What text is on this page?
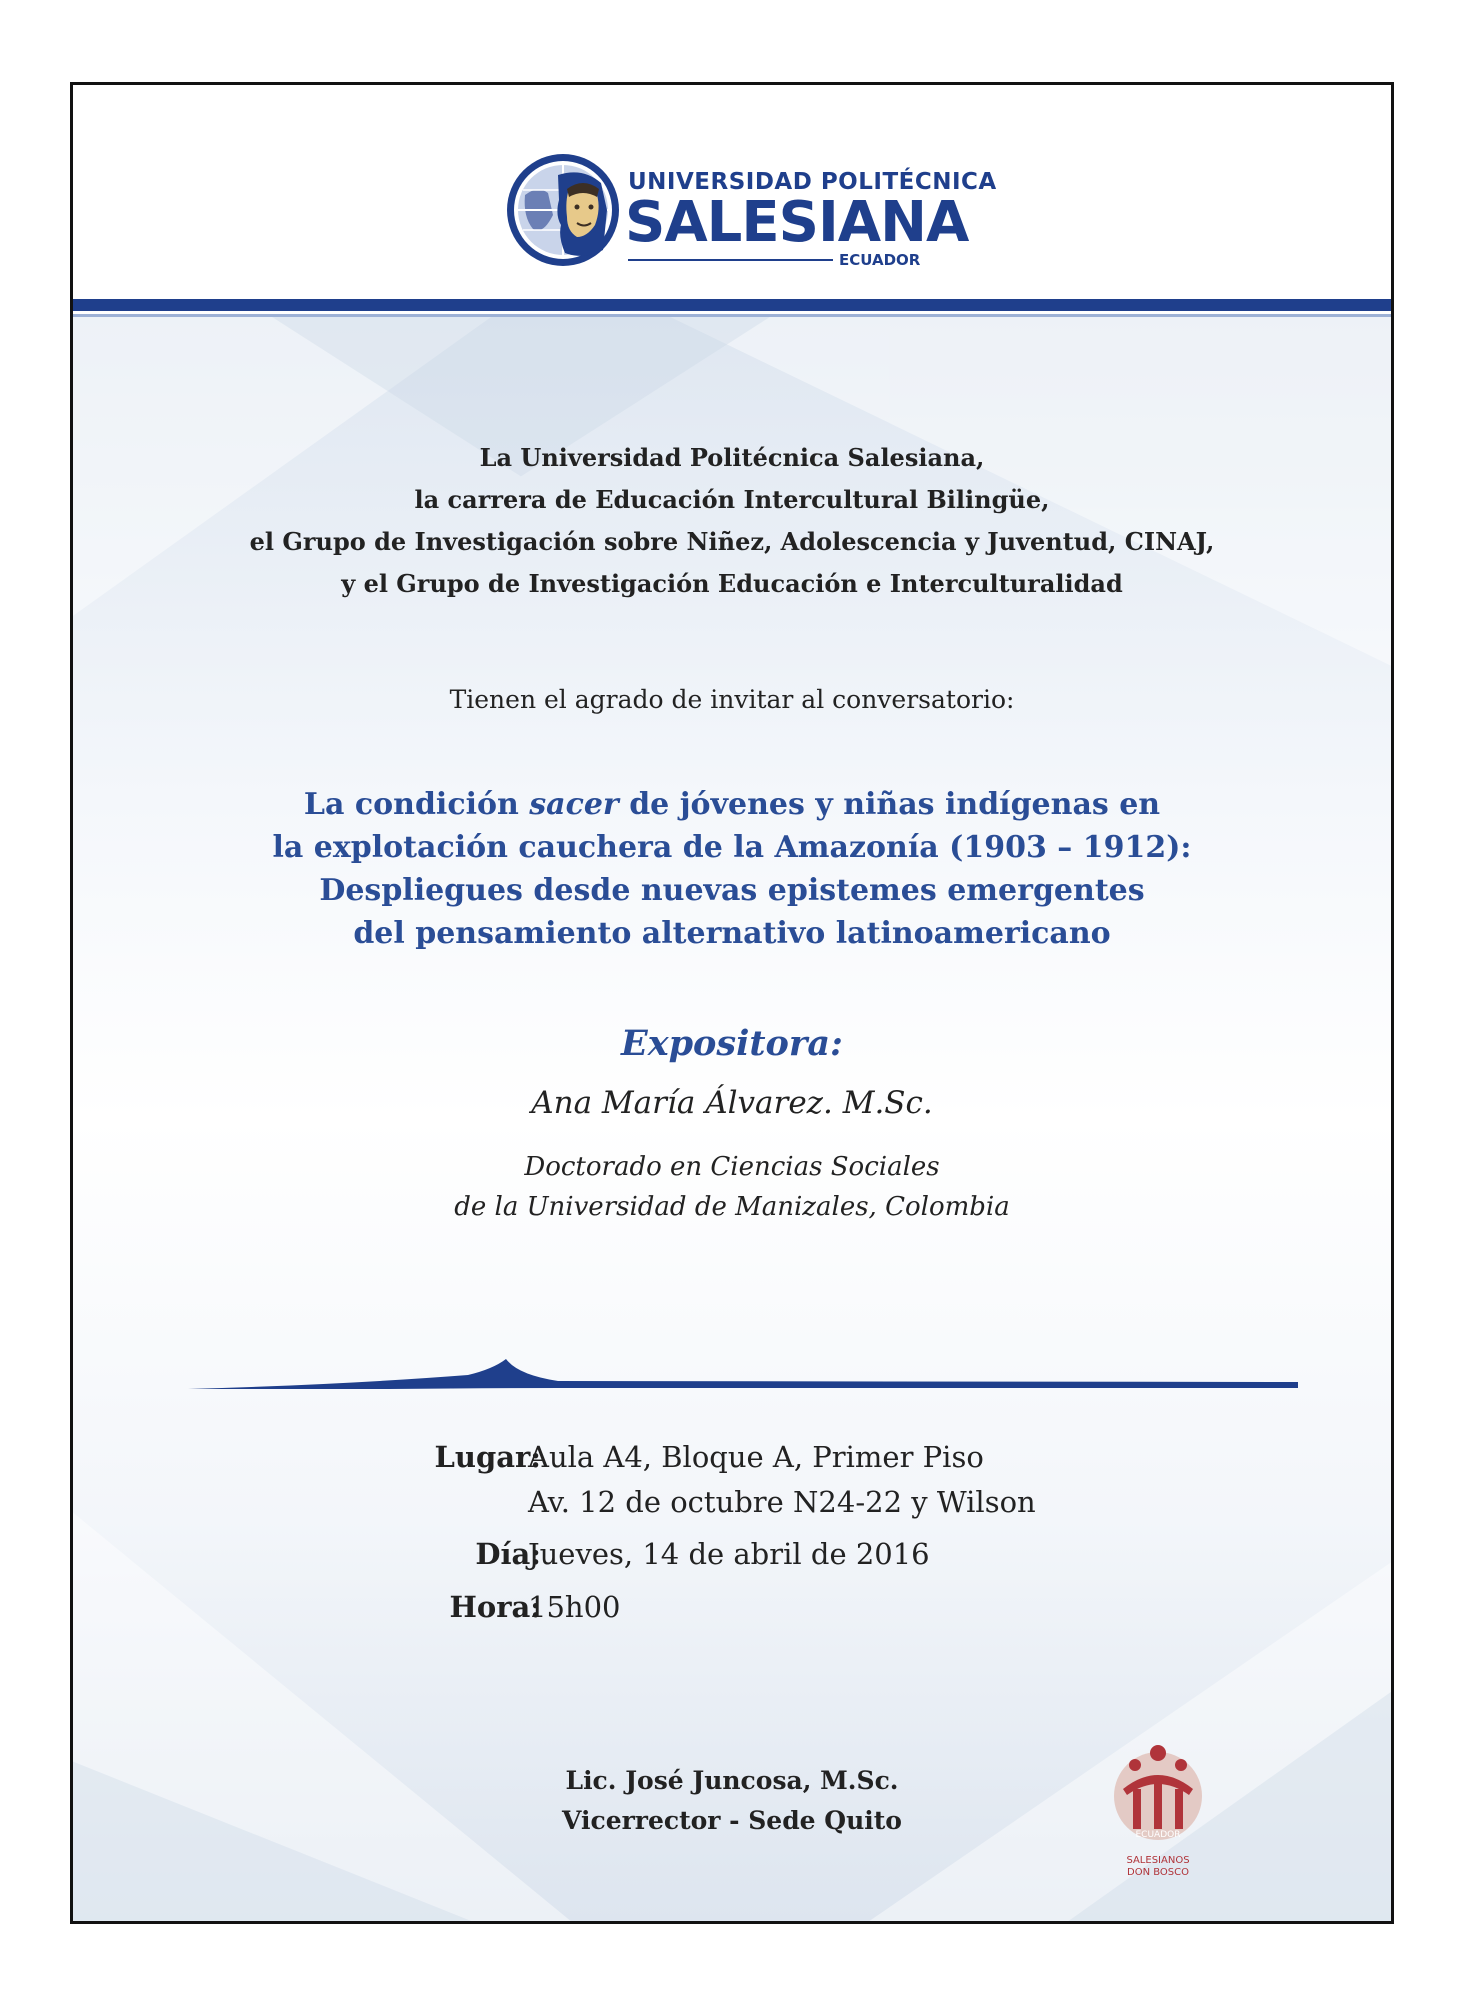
UNIVERSIDAD POLITÉCNICA
SALESIANA
ECUADOR
La Universidad Politécnica Salesiana,
la carrera de Educación Intercultural Bilingüe,
el Grupo de Investigación sobre Niñez, Adolescencia y Juventud, CINAJ,
y el Grupo de Investigación Educación e Interculturalidad
Tienen el agrado de invitar al conversatorio:
La condición sacer de jóvenes y niñas indígenas en
la explotación cauchera de la Amazonía (1903 – 1912):
Despliegues desde nuevas epistemes emergentes
del pensamiento alternativo latinoamericano
Expositora:
Ana María Álvarez. M.Sc.
Doctorado en Ciencias Sociales
de la Universidad de Manizales, Colombia
Lugar:
Aula A4, Bloque A, Primer Piso
Av. 12 de octubre N24-22 y Wilson
Día:
Jueves, 14 de abril de 2016
Hora:
15h00
Lic. José Juncosa, M.Sc.
Vicerrector - Sede Quito	ECUADOR
SALESIANOS
DON BOSCO
